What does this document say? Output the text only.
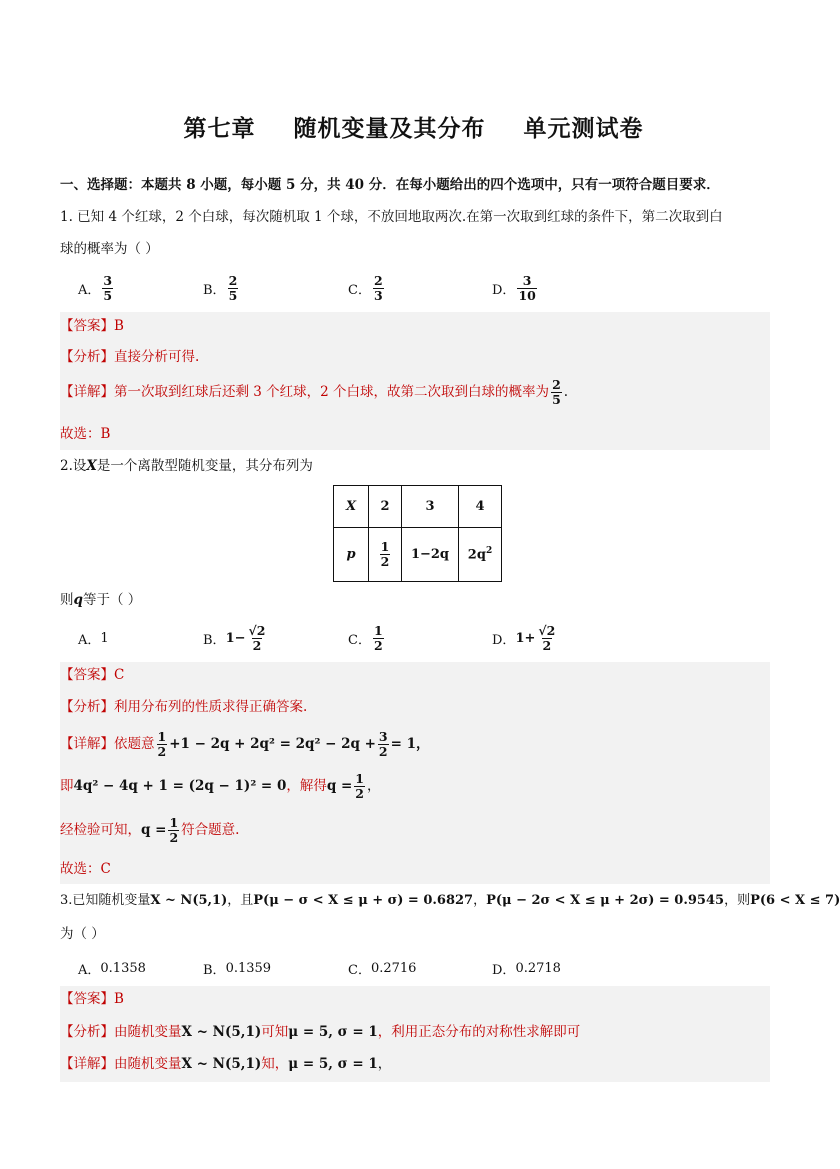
第七章 随机变量及其分布 单元测试卷
一、选择题：本题共 8 小题，每小题 5 分，共 40 分．在每小题给出的四个选项中，只有一项符合题目要求．
1. 已知 4 个红球，2 个白球，每次随机取 1 个球，不放回地取两次.在第一次取到红球的条件下，第二次取到白
球的概率为（ ）
A． $\frac{3}{5}$	B． $\frac{2}{5}$	C． $\frac{2}{3}$	D． $\frac{3}{10}$
【答案】B
【分析】直接分析可得.
【详解】第一次取到红球后还剩 3 个红球，2 个白球，故第二次取到白球的概率为 $\frac{2}{5}$ .
故选：B
2.设X是一个离散型随机变量，其分布列为
X	2	3	4
p	$\frac{1}{2}$	1−2q	$2q^2$
则q等于（ ）
A． 1	B． $1- \frac{√2}{2}$	C． $\frac{1}{2}$	D． $1+ \frac{√2}{2}$
【答案】C
【分析】利用分布列的性质求得正确答案.
【详解】依题意 $\frac{1}{2} +1 - 2q + 2q^2 = 2q^2 - 2q + \frac{3}{2} = 1$，
即4q² − 4q + 1 = (2q − 1)² = 0，解得$q = \frac{1}{2}$ ，
经检验可知，$q = \frac{1}{2}$ 符合题意.
故选：C
3.已知随机变量X ~ N(5,1)，且P(μ − σ < X ≤ μ + σ) = 0.6827，P(μ − 2σ < X ≤ μ + 2σ) = 0.9545，则P(6 < X ≤ 7)
为（ ）
A． 0.1358	B． 0.1359	C． 0.2716	D． 0.2718
【答案】B
【分析】由随机变量X ~ N(5,1)可知μ = 5, σ = 1，利用正态分布的对称性求解即可
【详解】由随机变量X ~ N(5,1)知，μ = 5, σ = 1，
